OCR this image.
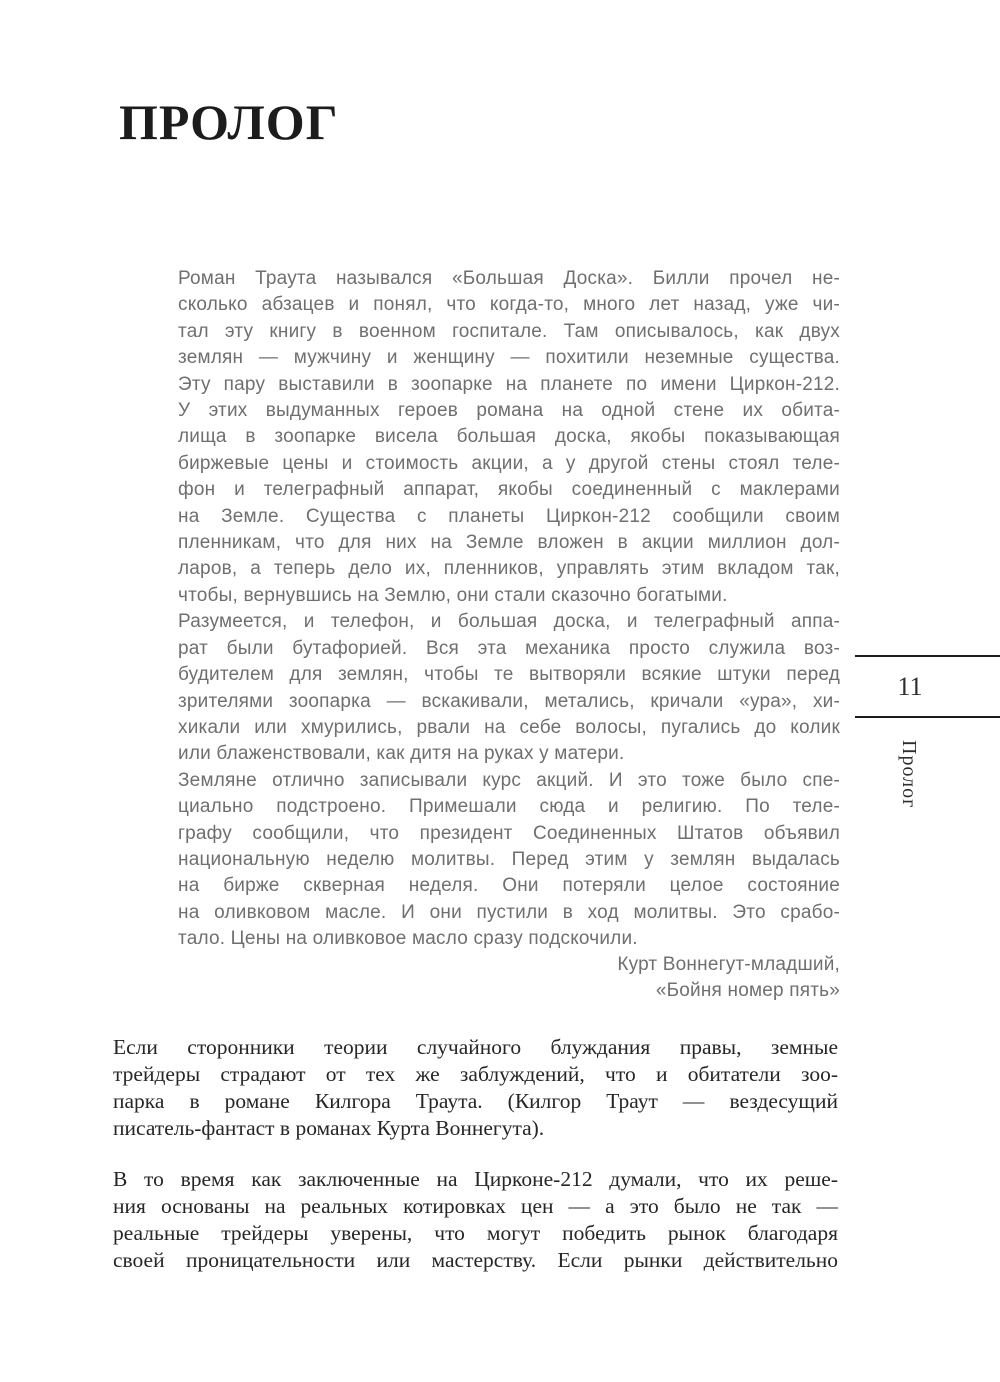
ПРОЛОГ
Роман Траута назывался «Большая Доска». Билли прочел не-
сколько абзацев и понял, что когда-то, много лет назад, уже чи-
тал эту книгу в военном госпитале. Там описывалось, как двух
землян — мужчину и женщину — похитили неземные существа.
Эту пару выставили в зоопарке на планете по имени Циркон-212.
У этих выдуманных героев романа на одной стене их обита-
лища в зоопарке висела большая доска, якобы показывающая
биржевые цены и стоимость акции, а у другой стены стоял теле-
фон и телеграфный аппарат, якобы соединенный с маклерами
на Земле. Существа с планеты Циркон-212 сообщили своим
пленникам, что для них на Земле вложен в акции миллион дол-
ларов, а теперь дело их, пленников, управлять этим вкладом так,
чтобы, вернувшись на Землю, они стали сказочно богатыми.
Разумеется, и телефон, и большая доска, и телеграфный аппа-
рат были бутафорией. Вся эта механика просто служила воз-
будителем для землян, чтобы те вытворяли всякие штуки перед
зрителями зоопарка — вскакивали, метались, кричали «ура», хи-
хикали или хмурились, рвали на себе волосы, пугались до колик
или блаженствовали, как дитя на руках у матери.
Земляне отлично записывали курс акций. И это тоже было спе-
циально подстроено. Примешали сюда и религию. По теле-
графу сообщили, что президент Соединенных Штатов объявил
национальную неделю молитвы. Перед этим у землян выдалась
на бирже скверная неделя. Они потеряли целое состояние
на оливковом масле. И они пустили в ход молитвы. Это срабо-
тало. Цены на оливковое масло сразу подскочили.
Курт Воннегут-младший,
«Бойня номер пять»
Если сторонники теории случайного блуждания правы, земные
трейдеры страдают от тех же заблуждений, что и обитатели зоо-
парка в романе Килгора Траута. (Килгор Траут — вездесущий
писатель-фантаст в романах Курта Воннегута).
В то время как заключенные на Цирконе-212 думали, что их реше-
ния основаны на реальных котировках цен — а это было не так —
реальные трейдеры уверены, что могут победить рынок благодаря
своей проницательности или мастерству. Если рынки действительно
11
Пролог
